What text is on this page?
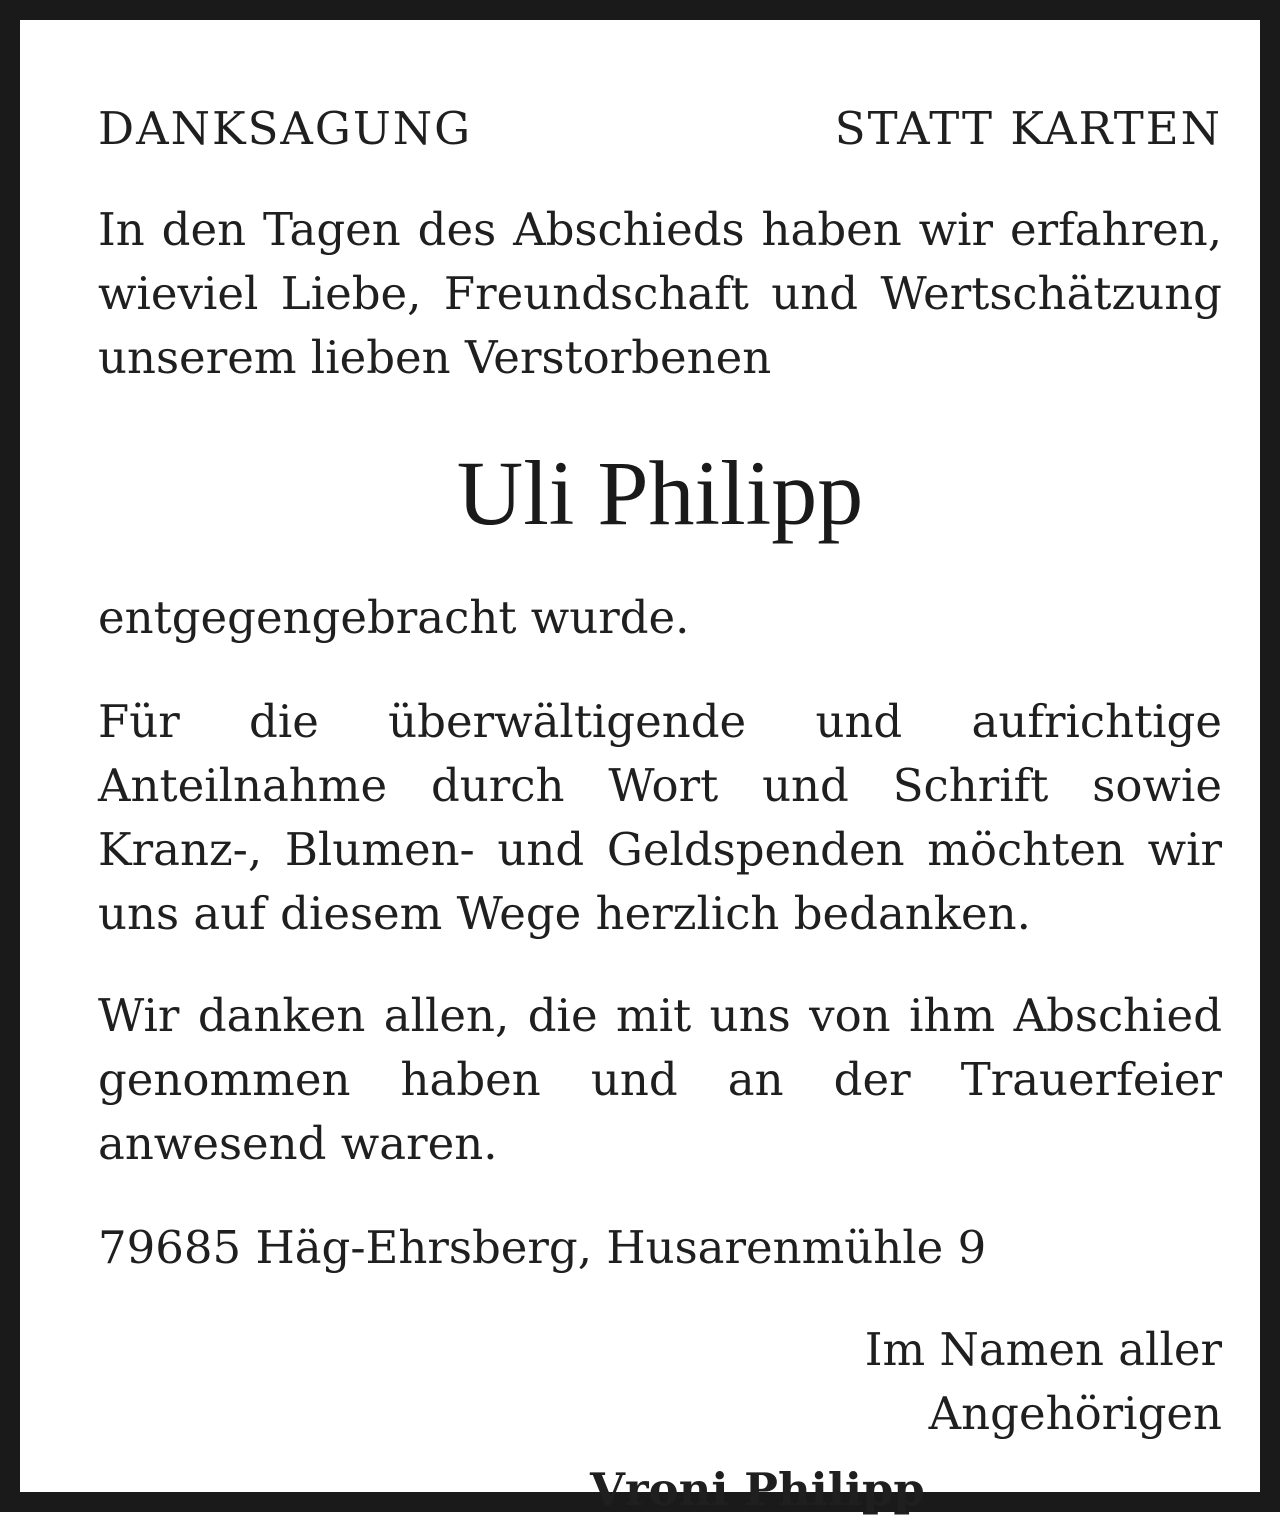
DANKSAGUNG	STATT KARTEN

In den Tagen des Abschieds haben wir erfahren, wieviel Liebe, Freundschaft und Wertschätzung unserem lieben Verstorbenen

Uli Philipp

entgegengebracht wurde.

Für die überwältigende und aufrichtige Anteilnahme durch Wort und Schrift sowie Kranz-, Blumen- und Geldspenden möchten wir uns auf diesem Wege herzlich bedanken.

Wir danken allen, die mit uns von ihm Abschied genommen haben und an der Trauerfeier anwesend waren.

79685 Häg-Ehrsberg, Husarenmühle 9
Im Namen aller Angehörigen
Vroni Philipp
